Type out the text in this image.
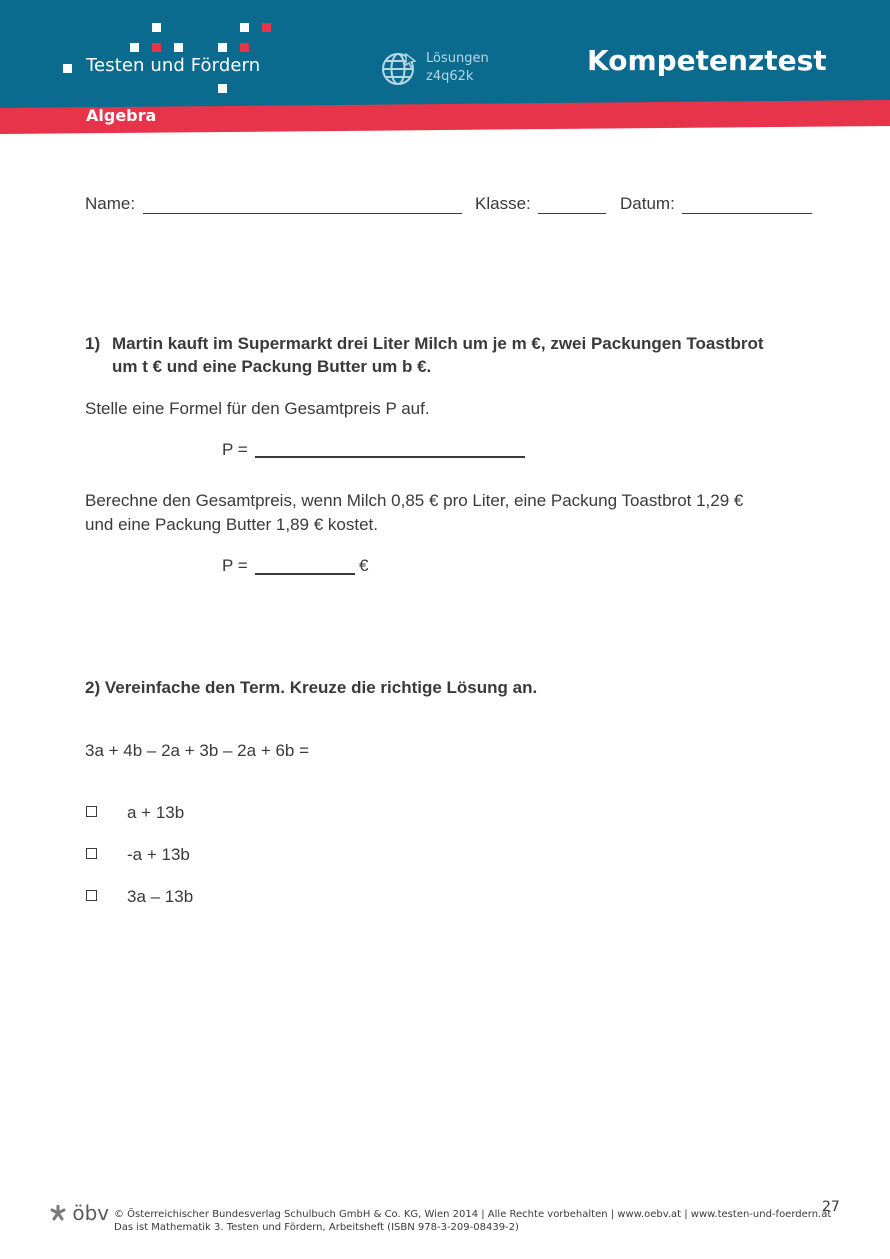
Testen und Fördern	Lösungen
z4q62k	Kompetenztest
Algebra
Name:	Klasse:	Datum:
1) Martin kauft im Supermarkt drei Liter Milch um je m €, zwei Packungen Toastbrot
um t € und eine Packung Butter um b €.
Stelle eine Formel für den Gesamtpreis P auf.
P =
Berechne den Gesamtpreis, wenn Milch 0,85 € pro Liter, eine Packung Toastbrot 1,29 €
und eine Packung Butter 1,89 € kostet.
P =	€
2) Vereinfache den Term. Kreuze die richtige Lösung an.
3a + 4b – 2a + 3b – 2a + 6b =
a + 13b
-a + 13b
3a – 13b
öbv © Österreichischer Bundesverlag Schulbuch GmbH & Co. KG, Wien 2014 | Alle Rechte vorbehalten | www.oebv.at | www.testen-und-foerdern.at
Das ist Mathematik 3. Testen und Fördern, Arbeitsheft (ISBN 978-3-209-08439-2)
27
